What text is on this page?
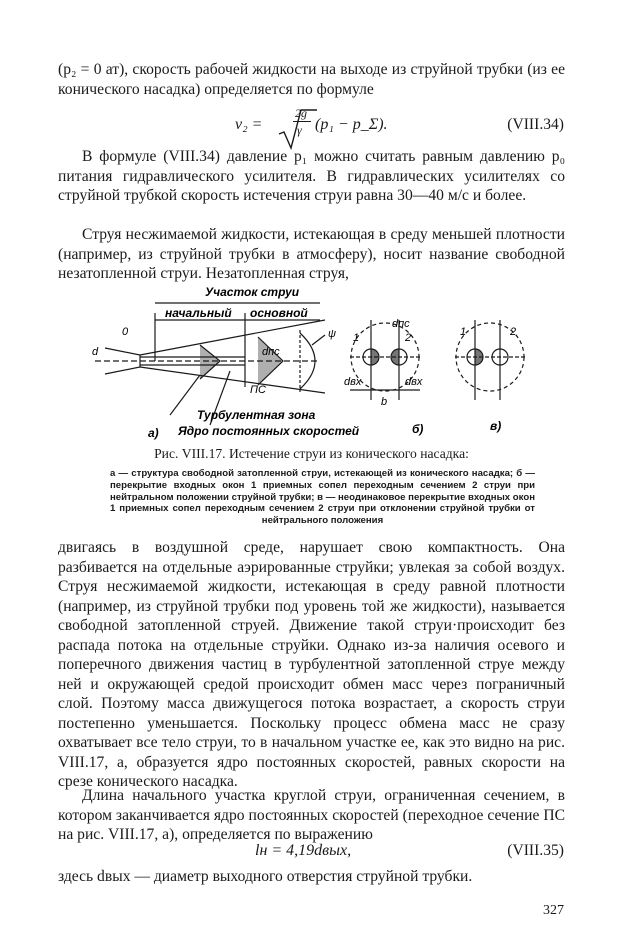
(p₂ = 0 ат), скорость рабочей жидкости на выходе из струйной трубки (из ее конического насадка) определяется по формуле

v₂ =
2g
γ (p₁ − p_Σ).	(VIII.34)

В формуле (VIII.34) давление p₁ можно считать равным давлению p₀ питания гидравлического усилителя. В гидравлических усилителях со струйной трубкой скорость истечения струи равна 30—40 м/с и более.

Струя несжимаемой жидкости, истекающая в среду меньшей плотности (например, из струйной трубки в атмосферу), носит название свободной незатопленной струи. Незатопленная струя,

Участок струи
начальный основной
d
0
dпс
ПС
ψ
Турбулентная зона
Ядро постоянных скоростей
а)	б)	в)
1	2
dпс
dвх	dвх
b
1	2
Рис. VIII.17. Истечение струи из конического насадка:
а — структура свободной затопленной струи, истекающей из конического насадка; б — перекрытие входных окон 1 приемных сопел переходным сечением 2 струи при нейтральном положении струйной трубки; в — неодинаковое перекрытие входных окон 1 приемных сопел переходным сечением 2 струи при отклонении струйной трубки от нейтрального положения

двигаясь в воздушной среде, нарушает свою компактность. Она разбивается на отдельные аэрированные струйки; увлекая за собой воздух. Струя несжимаемой жидкости, истекающая в среду равной плотности (например, из струйной трубки под уровень той же жидкости), называется свободной затопленной струей. Движение такой струи·происходит без распада потока на отдельные струйки. Однако из-за наличия осевого и поперечного движения частиц в турбулентной затопленной струе между ней и окружающей средой происходит обмен масс через пограничный слой. Поэтому масса движущегося потока возрастает, а скорость струи постепенно уменьшается. Поскольку процесс обмена масс не сразу охватывает все тело струи, то в начальном участке ее, как это видно на рис. VIII.17, а, образуется ядро постоянных скоростей, равных скорости на срезе конического насадка.

Длина начального участка круглой струи, ограниченная сечением, в котором заканчивается ядро постоянных скоростей (переходное сечение ПС на рис. VIII.17, а), определяется по выражению

lн = 4,19dвых,	(VIII.35)

здесь dвых — диаметр выходного отверстия струйной трубки.

327
